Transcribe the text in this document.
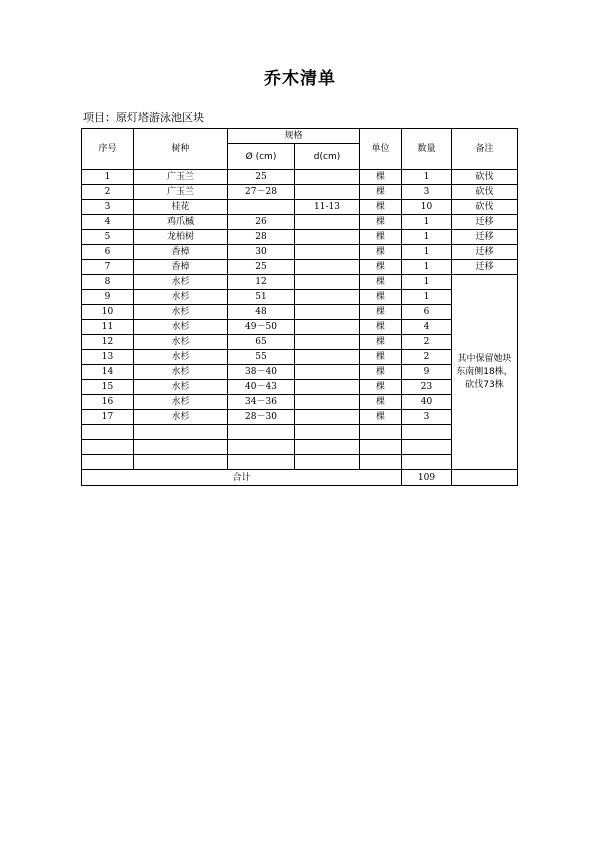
乔木清单
项目：原灯塔游泳池区块
序号	树种	规格		单位	数量	备注
		Ø (cm)	d(cm)			
1	广玉兰	25		棵	1	砍伐
2	广玉兰	27－28		棵	3	砍伐
3	桂花		11-13	棵	10	砍伐
4	鸡爪槭	26		棵	1	迁移
5	龙柏树	28		棵	1	迁移
6	香樟	30		棵	1	迁移
7	香樟	25		棵	1	迁移
8	水杉	12		棵	1	其中保留她块东南侧18株，砍伐73株
9	水杉	51		棵	1	
10	水杉	48		棵	6	
11	水杉	49－50		棵	4	
12	水杉	65		棵	2	
13	水杉	55		棵	2	
14	水杉	38－40		棵	9	
15	水杉	40－43		棵	23	
16	水杉	34－36		棵	40	
17	水杉	28－30		棵	3	

合计					109	
